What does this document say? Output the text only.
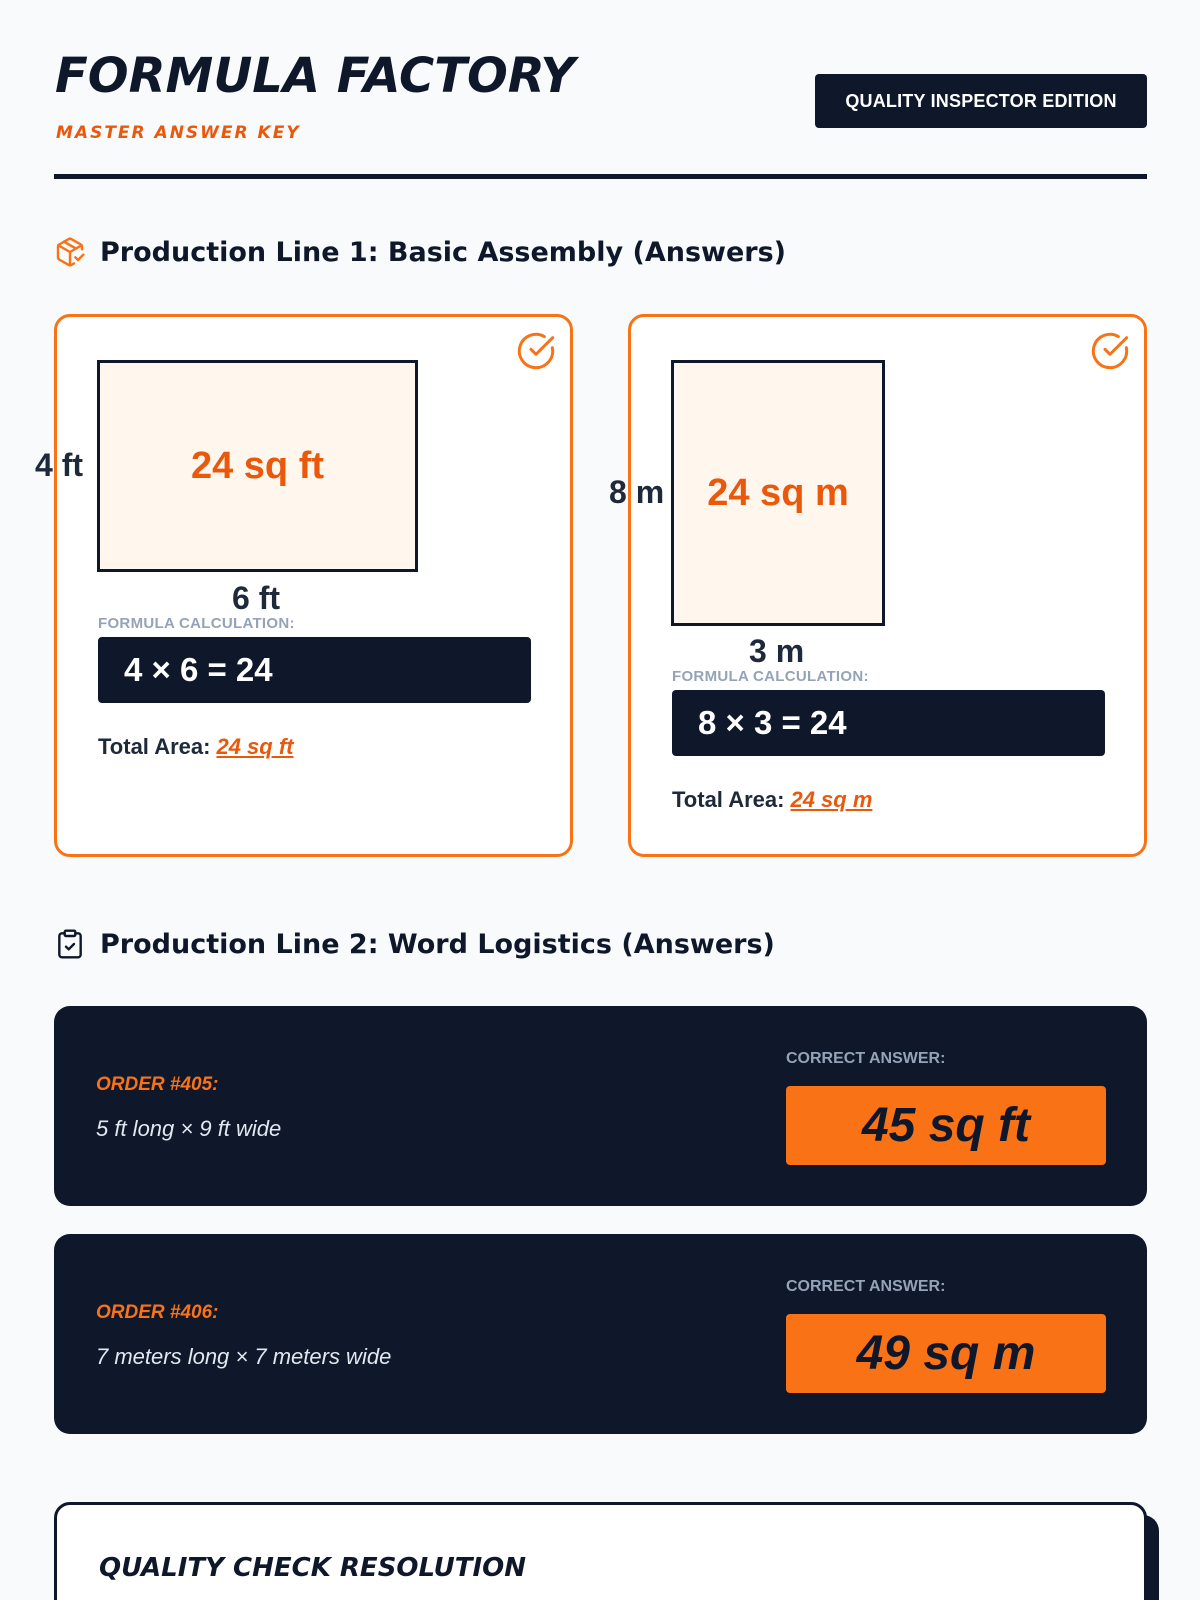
FORMULA FACTORY
MASTER ANSWER KEY
QUALITY INSPECTOR EDITION
Production Line 1: Basic Assembly (Answers)
24 sq ft
4 ft
6 ft
FORMULA CALCULATION:
4 × 6 = 24
Total Area: 24 sq ft
24 sq m
8 m
3 m
FORMULA CALCULATION:
8 × 3 = 24
Total Area: 24 sq m
Production Line 2: Word Logistics (Answers)
ORDER #405:
5 ft long × 9 ft wide
CORRECT ANSWER:
45 sq ft
ORDER #406:
7 meters long × 7 meters wide
CORRECT ANSWER:
49 sq m
QUALITY CHECK RESOLUTION
